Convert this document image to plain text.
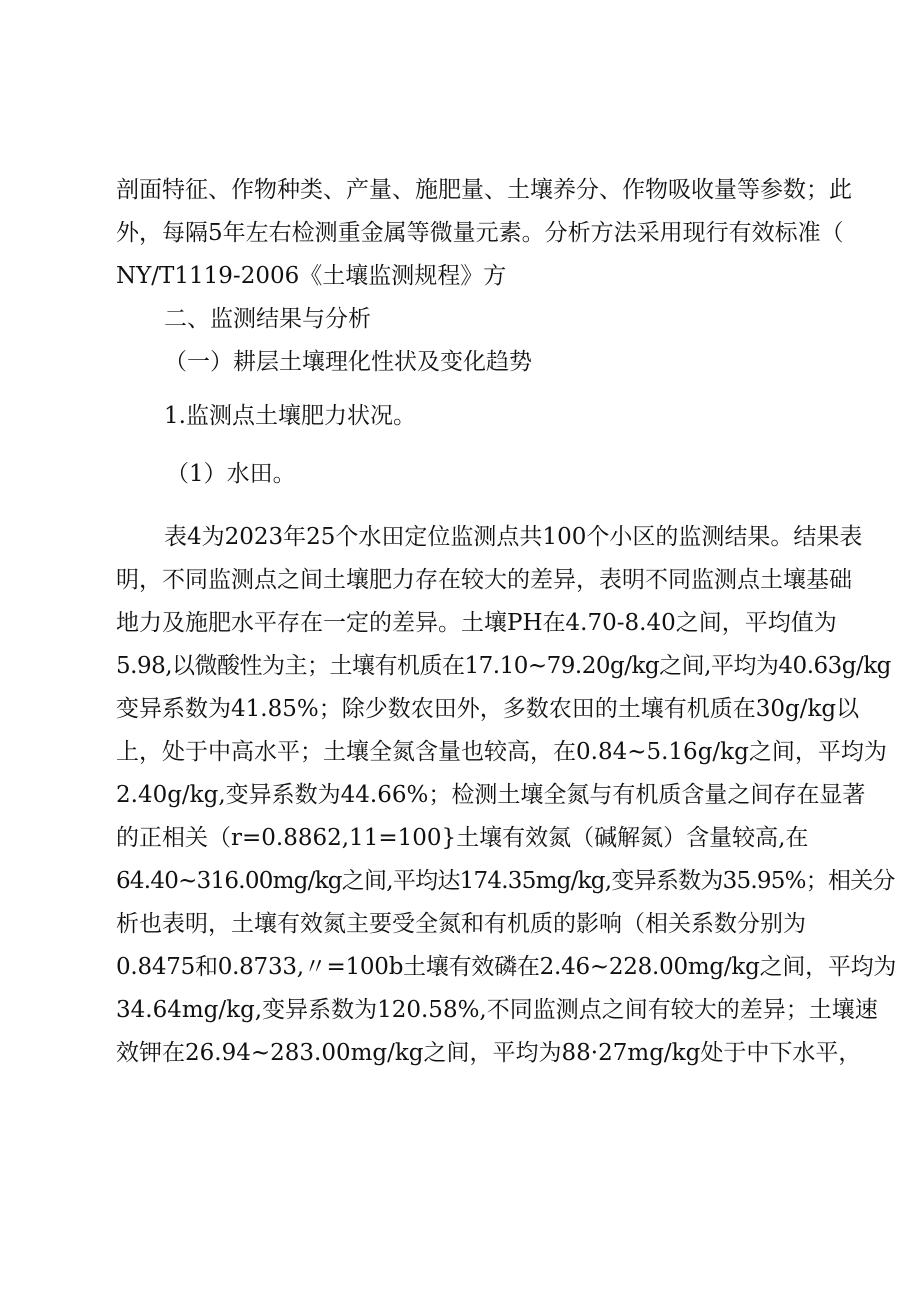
剖面特征、作物种类、产量、施肥量、土壤养分、作物吸收量等参数；此
外，每隔5年左右检测重金属等微量元素。分析方法采用现行有效标准（
NY/T1119-2006《土壤监测规程》方
二、监测结果与分析
（一）耕层土壤理化性状及变化趋势
1.监测点土壤肥力状况。
（1）水田。
表4为2023年25个水田定位监测点共100个小区的监测结果。结果表
明，不同监测点之间土壤肥力存在较大的差异，表明不同监测点土壤基础
地力及施肥水平存在一定的差异。土壤PH在4.70-8.40之间，平均值为
5.98,以微酸性为主；土壤有机质在17.10~79.20g/kg之间,平均为40.63g/kg
变异系数为41.85%；除少数农田外，多数农田的土壤有机质在30g/kg以
上，处于中高水平；土壤全氮含量也较高，在0.84~5.16g/kg之间，平均为
2.40g/kg,变异系数为44.66%；检测土壤全氮与有机质含量之间存在显著
的正相关（r=0.8862,11=100}土壤有效氮（碱解氮）含量较高,在
64.40~316.00mg/kg之间,平均达174.35mg/kg,变异系数为35.95%；相关分
析也表明，土壤有效氮主要受全氮和有机质的影响（相关系数分别为
0.8475和0.8733,〃=100b土壤有效磷在2.46~228.00mg/kg之间，平均为
34.64mg/kg,变异系数为120.58%,不同监测点之间有较大的差异；土壤速
效钾在26.94~283.00mg/kg之间，平均为88·27mg/kg处于中下水平，
